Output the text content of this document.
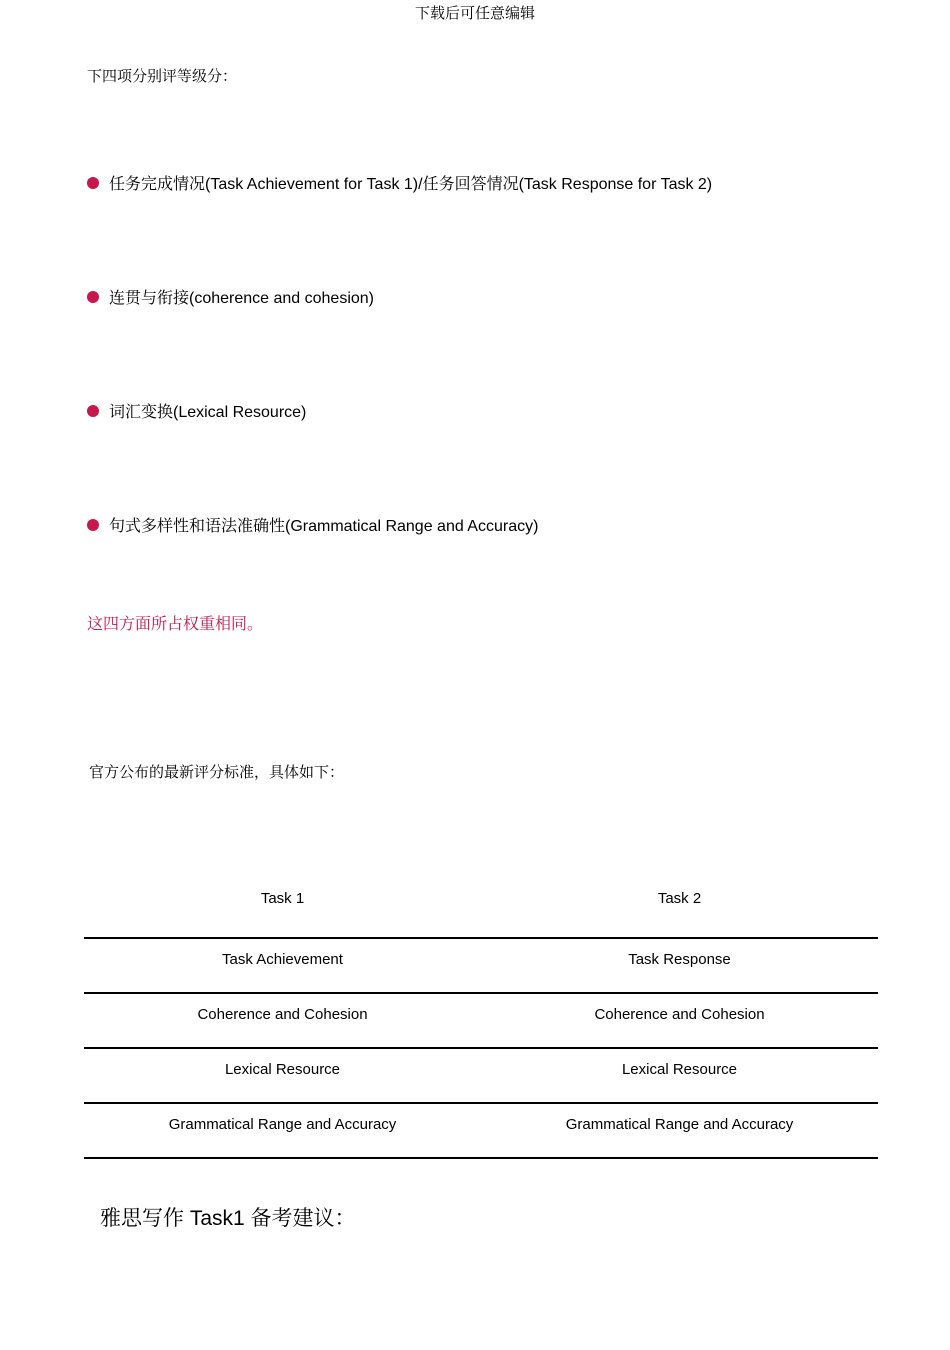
下载后可任意编辑
下四项分别评等级分：
任务完成情况(Task Achievement for Task 1)/任务回答情况(Task Response for Task 2)
连贯与衔接(coherence and cohesion)
词汇变换(Lexical Resource)
句式多样性和语法准确性(Grammatical Range and Accuracy)
这四方面所占权重相同。
官方公布的最新评分标准，具体如下：
Task 1	Task 2
Task Achievement	Task Response
Coherence and Cohesion	Coherence and Cohesion
Lexical Resource	Lexical Resource
Grammatical Range and Accuracy	Grammatical Range and Accuracy
雅思写作 Task1 备考建议：
